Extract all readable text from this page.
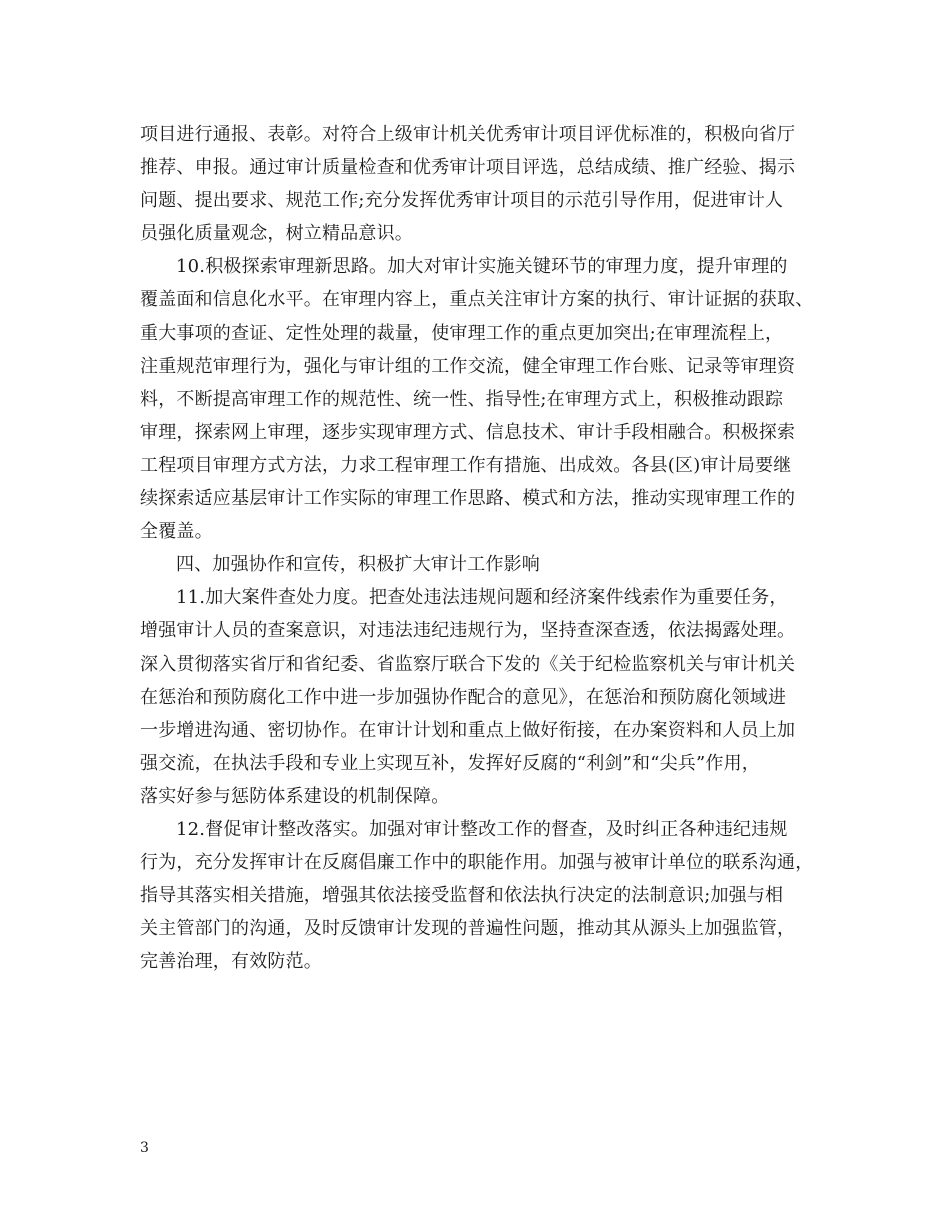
项目进行通报、表彰。对符合上级审计机关优秀审计项目评优标准的，积极向省厅
推荐、申报。通过审计质量检查和优秀审计项目评选，总结成绩、推广经验、揭示
问题、提出要求、规范工作;充分发挥优秀审计项目的示范引导作用，促进审计人
员强化质量观念，树立精品意识。
10.积极探索审理新思路。加大对审计实施关键环节的审理力度，提升审理的
覆盖面和信息化水平。在审理内容上，重点关注审计方案的执行、审计证据的获取、
重大事项的查证、定性处理的裁量，使审理工作的重点更加突出;在审理流程上，
注重规范审理行为，强化与审计组的工作交流，健全审理工作台账、记录等审理资
料，不断提高审理工作的规范性、统一性、指导性;在审理方式上，积极推动跟踪
审理，探索网上审理，逐步实现审理方式、信息技术、审计手段相融合。积极探索
工程项目审理方式方法，力求工程审理工作有措施、出成效。各县(区)审计局要继
续探索适应基层审计工作实际的审理工作思路、模式和方法，推动实现审理工作的
全覆盖。
四、加强协作和宣传，积极扩大审计工作影响
11.加大案件查处力度。把查处违法违规问题和经济案件线索作为重要任务，
增强审计人员的查案意识，对违法违纪违规行为，坚持查深查透，依法揭露处理。
深入贯彻落实省厅和省纪委、省监察厅联合下发的《关于纪检监察机关与审计机关
在惩治和预防腐化工作中进一步加强协作配合的意见》，在惩治和预防腐化领域进
一步增进沟通、密切协作。在审计计划和重点上做好衔接，在办案资料和人员上加
强交流，在执法手段和专业上实现互补，发挥好反腐的“利剑”和“尖兵”作用，
落实好参与惩防体系建设的机制保障。
12.督促审计整改落实。加强对审计整改工作的督查，及时纠正各种违纪违规
行为，充分发挥审计在反腐倡廉工作中的职能作用。加强与被审计单位的联系沟通，
指导其落实相关措施，增强其依法接受监督和依法执行决定的法制意识;加强与相
关主管部门的沟通，及时反馈审计发现的普遍性问题，推动其从源头上加强监管，
完善治理，有效防范。
3
